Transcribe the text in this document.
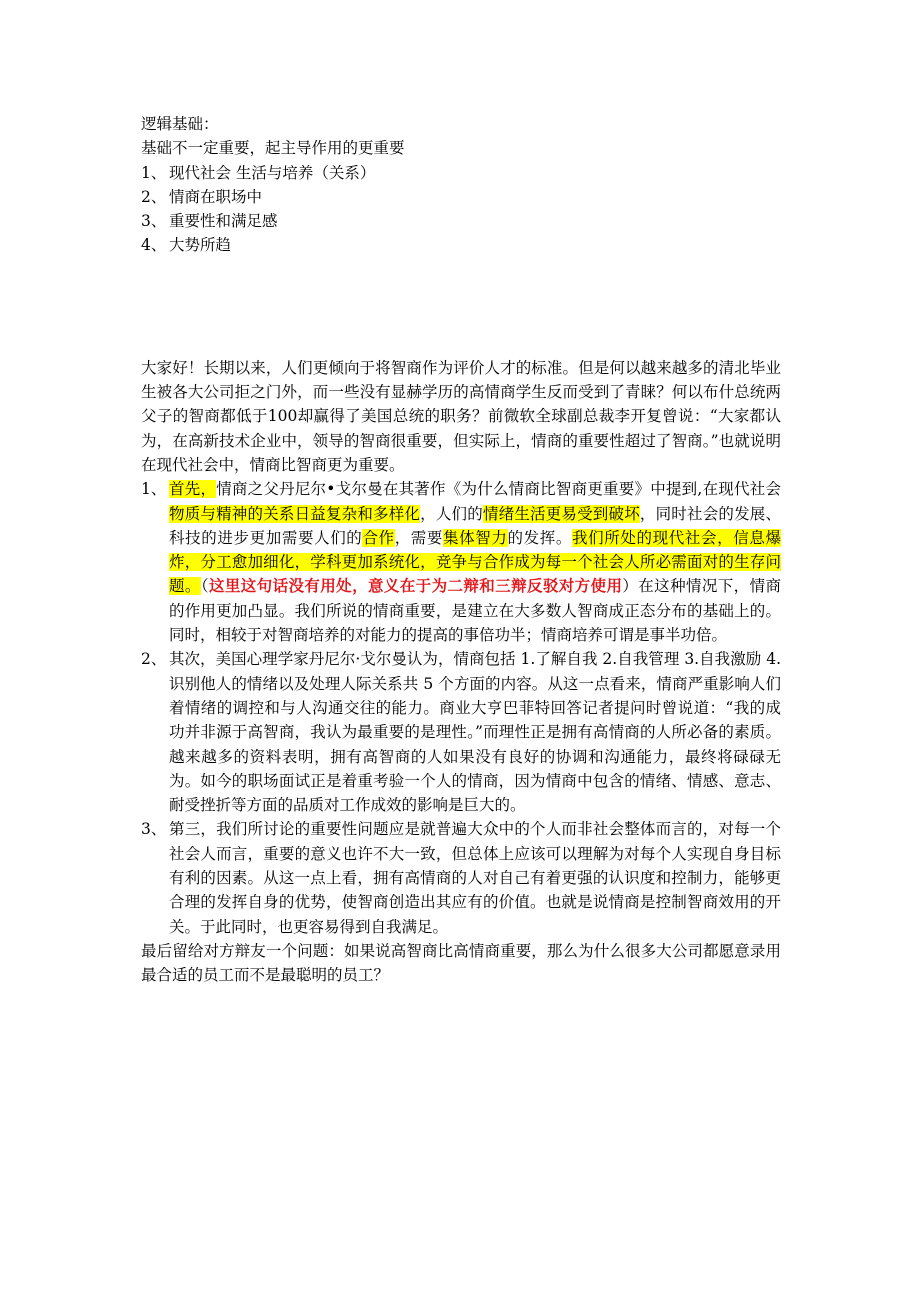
逻辑基础：
基础不一定重要，起主导作用的更重要
1、 现代社会 生活与培养（关系）
2、 情商在职场中
3、 重要性和满足感
4、 大势所趋
大家好！长期以来，人们更倾向于将智商作为评价人才的标准。但是何以越来越多的清北毕业生被各大公司拒之门外，而一些没有显赫学历的高情商学生反而受到了青睐？何以布什总统两父子的智商都低于100却赢得了美国总统的职务？前微软全球副总裁李开复曾说：“大家都认为，在高新技术企业中，领导的智商很重要，但实际上，情商的重要性超过了智商。”也就说明在现代社会中，情商比智商更为重要。
1、 首先，情商之父丹尼尔•戈尔曼在其著作《为什么情商比智商更重要》中提到,在现代社会物质与精神的关系日益复杂和多样化，人们的情绪生活更易受到破坏，同时社会的发展、科技的进步更加需要人们的合作，需要集体智力的发挥。我们所处的现代社会，信息爆炸，分工愈加细化，学科更加系统化，竞争与合作成为每一个社会人所必需面对的生存问题。（这里这句话没有用处，意义在于为二辩和三辩反驳对方使用）在这种情况下，情商的作用更加凸显。我们所说的情商重要，是建立在大多数人智商成正态分布的基础上的。同时，相较于对智商培养的对能力的提高的事倍功半；情商培养可谓是事半功倍。
2、 其次，美国心理学家丹尼尔·戈尔曼认为，情商包括 1.了解自我 2.自我管理 3.自我激励 4.识别他人的情绪以及处理人际关系共 5 个方面的内容。从这一点看来，情商严重影响人们着情绪的调控和与人沟通交往的能力。商业大亨巴菲特回答记者提问时曾说道：“我的成功并非源于高智商，我认为最重要的是理性。”而理性正是拥有高情商的人所必备的素质。越来越多的资料表明，拥有高智商的人如果没有良好的协调和沟通能力，最终将碌碌无为。如今的职场面试正是着重考验一个人的情商，因为情商中包含的情绪、情感、意志、耐受挫折等方面的品质对工作成效的影响是巨大的。
3、 第三，我们所讨论的重要性问题应是就普遍大众中的个人而非社会整体而言的，对每一个社会人而言，重要的意义也许不大一致，但总体上应该可以理解为对每个人实现自身目标有利的因素。从这一点上看，拥有高情商的人对自己有着更强的认识度和控制力，能够更合理的发挥自身的优势，使智商创造出其应有的价值。也就是说情商是控制智商效用的开关。于此同时，也更容易得到自我满足。
最后留给对方辩友一个问题：如果说高智商比高情商重要，那么为什么很多大公司都愿意录用最合适的员工而不是最聪明的员工？
